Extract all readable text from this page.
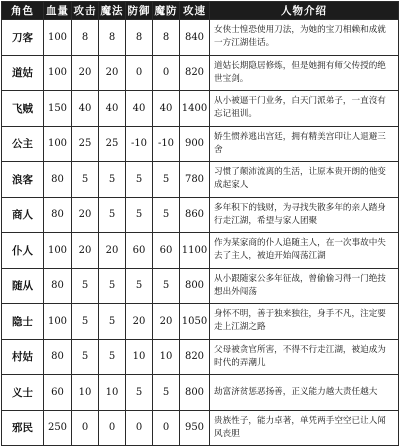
角色	血量	攻击	魔法	防御	魔防	攻速	人物介绍
刀客	100	8	8	8	8	840	女侠士惶恐使用刀法，为她的宝刀相赖和成就一方江湖佳话。
道姑	100	20	20	0	0	820	道姑长期隐居修炼，但是她拥有师父传授的绝世宝剑。
飞贼	150	40	40	40	40	1400	从小被逼干门业务，白天门派弟子，一直沒有忘记祖训。
公主	100	25	25	-10	-10	900	娇生惯养逃出宫廷，拥有精美宫印让人退避三舍
浪客	80	5	5	5	5	780	习惯了颠沛流离的生活，让原本贵开朗的他变成起家人
商人	80	20	5	5	5	860	多年积下的钱财，为寻找失散多年的亲人踏身行走江湖，希望与家人团聚
仆人	100	20	20	60	60	1100	作为某家商的仆人追随主人，在一次事故中失去了主人，被迫开始闯荡江湖
随从	80	5	5	5	5	800	从小跟随家公多年征战，曾偷偷习得一门绝技想出外闯荡
隐士	100	5	5	20	20	1050	身怀不明，善于独来独往，身手不凡，注定要走上江湖之路
村姑	80	5	5	10	10	820	父母被贪官所害，不得不行走江湖，被迫成为时代的弄潮儿
义士	60	10	10	5	5	800	劫富济贫惩恶扬善，正义能力越大责任越大
邪民	250	0	0	0	0	950	贵族性子，能力卓著，单凭两手空空已让人闻风丧胆
